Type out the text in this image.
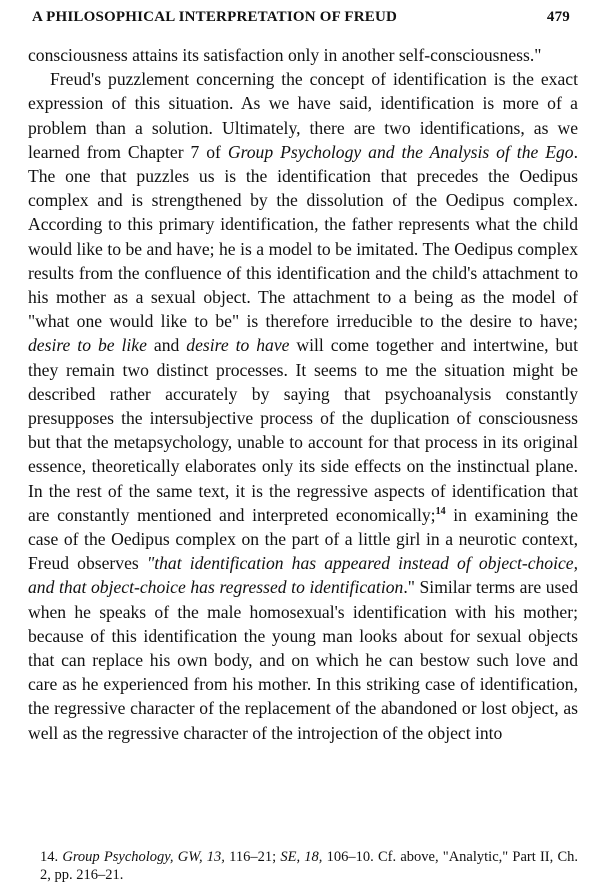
A PHILOSOPHICAL INTERPRETATION OF FREUD	479

consciousness attains its satisfaction only in another self-consciousness."

Freud's puzzlement concerning the concept of identification is the exact expression of this situation. As we have said, identification is more of a problem than a solution. Ultimately, there are two identifications, as we learned from Chapter 7 of Group Psychology and the Analysis of the Ego. The one that puzzles us is the identification that precedes the Oedipus complex and is strengthened by the dissolution of the Oedipus complex. According to this primary identification, the father represents what the child would like to be and have; he is a model to be imitated. The Oedipus complex results from the confluence of this identification and the child's attachment to his mother as a sexual object. The attachment to a being as the model of "what one would like to be" is therefore irreducible to the desire to have; desire to be like and desire to have will come together and intertwine, but they remain two distinct processes. It seems to me the situation might be described rather accurately by saying that psychoanalysis constantly presupposes the intersubjective process of the duplication of consciousness but that the metapsychology, unable to account for that process in its original essence, theoretically elaborates only its side effects on the instinctual plane. In the rest of the same text, it is the regressive aspects of identification that are constantly mentioned and interpreted economically;$^{14}$ in examining the case of the Oedipus complex on the part of a little girl in a neurotic context, Freud observes "that identification has appeared instead of object-choice, and that object-choice has regressed to identification." Similar terms are used when he speaks of the male homosexual's identification with his mother; because of this identification the young man looks about for sexual objects that can replace his own body, and on which he can bestow such love and care as he experienced from his mother. In this striking case of identification, the regressive character of the replacement of the abandoned or lost object, as well as the regressive character of the introjection of the object into

14. Group Psychology, GW, 13, 116–21; SE, 18, 106–10. Cf. above, "Analytic," Part II, Ch. 2, pp. 216–21.
